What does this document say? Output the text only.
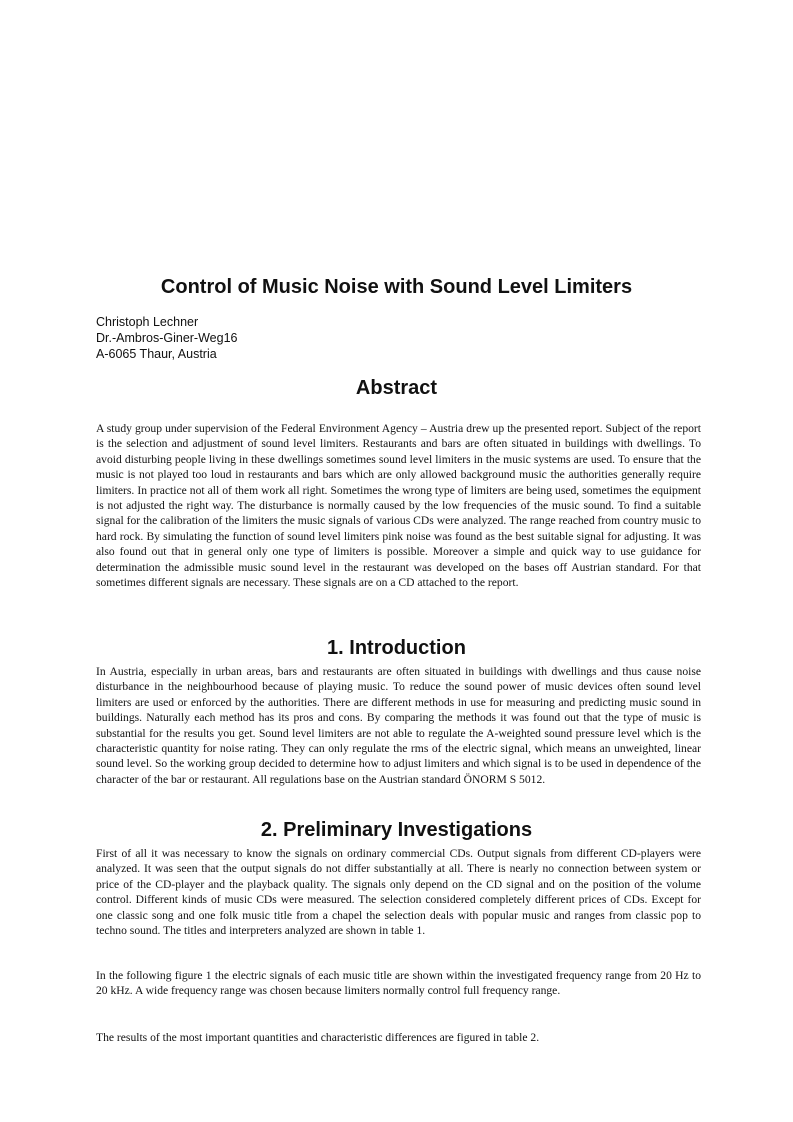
Control of Music Noise with Sound Level Limiters
Christoph Lechner
Dr.-Ambros-Giner-Weg16
A-6065 Thaur, Austria
Abstract

A study group under supervision of the Federal Environment Agency – Austria drew up the presented report. Subject of the report is the selection and adjustment of sound level limiters. Restaurants and bars are often situated in buildings with dwellings. To avoid disturbing people living in these dwellings sometimes sound level limiters in the music systems are used. To ensure that the music is not played too loud in restaurants and bars which are only allowed background music the authorities generally require limiters. In practice not all of them work all right. Sometimes the wrong type of limiters are being used, sometimes the equipment is not adjusted the right way. The disturbance is normally caused by the low frequencies of the music sound. To find a suitable signal for the calibration of the limiters the music signals of various CDs were analyzed. The range reached from country music to hard rock. By simulating the function of sound level limiters pink noise was found as the best suitable signal for adjusting. It was also found out that in general only one type of limiters is possible. Moreover a simple and quick way to use guidance for determination the admissible music sound level in the restaurant was developed on the bases off Austrian standard. For that sometimes different signals are necessary. These signals are on a CD attached to the report.

1. Introduction

In Austria, especially in urban areas, bars and restaurants are often situated in buildings with dwellings and thus cause noise disturbance in the neighbourhood because of playing music. To reduce the sound power of music devices often sound level limiters are used or enforced by the authorities. There are different methods in use for measuring and predicting music sound in buildings. Naturally each method has its pros and cons. By comparing the methods it was found out that the type of music is substantial for the results you get. Sound level limiters are not able to regulate the A-weighted sound pressure level which is the characteristic quantity for noise rating. They can only regulate the rms of the electric signal, which means an unweighted, linear sound level. So the working group decided to determine how to adjust limiters and which signal is to be used in dependence of the character of the bar or restaurant. All regulations base on the Austrian standard ÖNORM S 5012.

2. Preliminary Investigations

First of all it was necessary to know the signals on ordinary commercial CDs. Output signals from different CD-players were analyzed. It was seen that the output signals do not differ substantially at all. There is nearly no connection between system or price of the CD-player and the playback quality. The signals only depend on the CD signal and on the position of the volume control. Different kinds of music CDs were measured. The selection considered completely different prices of CDs. Except for one classic song and one folk music title from a chapel the selection deals with popular music and ranges from classic pop to techno sound. The titles and interpreters analyzed are shown in table 1.

In the following figure 1 the electric signals of each music title are shown within the investigated frequency range from 20 Hz to 20 kHz. A wide frequency range was chosen because limiters normally control full frequency range.

The results of the most important quantities and characteristic differences are figured in table 2.
